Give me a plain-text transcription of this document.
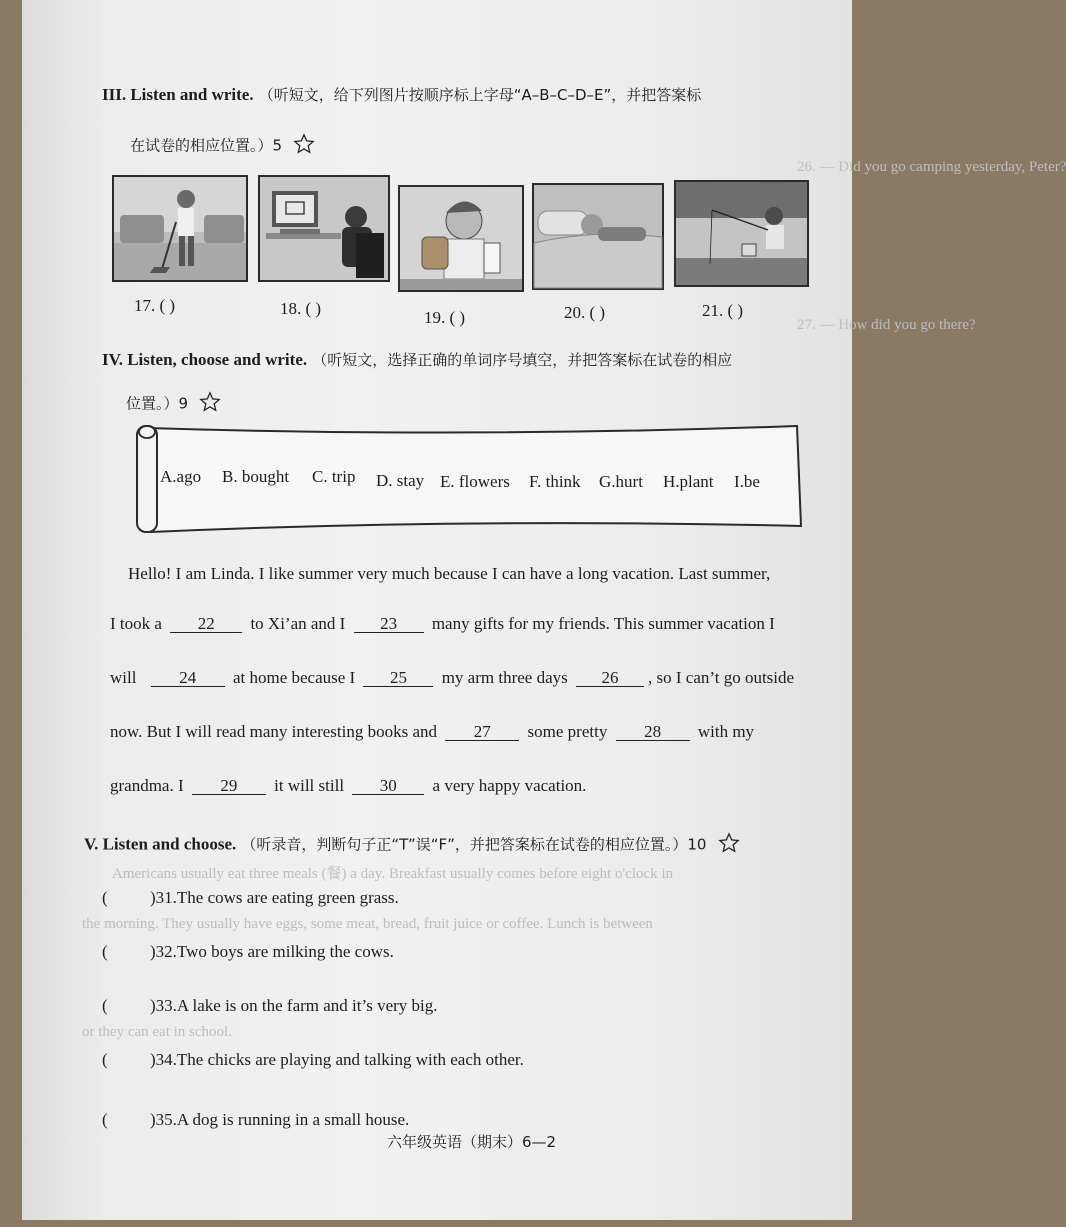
26. — Did you go camping yesterday, Peter?
27. — How did you go there?
III. Listen and write. （听短文，给下列图片按顺序标上字母“A–B–C–D–E”，并把答案标
在试卷的相应位置。）5
17. ( )	18. ( )	19. ( )	20. ( )	21. ( )
IV. Listen, choose and write. （听短文，选择正确的单词序号填空，并把答案标在试卷的相应
位置。）9
A.ago B. bought C. trip D. stay E. flowers F. think G.hurt H.plant I.be
Hello! I am Linda. I like summer very much because I can have a long vacation. Last summer,
I took a 22 to Xi’an and I 23 many gifts for my friends. This summer vacation I
will	24 at home because I 25 my arm three days 26 , so I can’t go outside
now. But I will read many interesting books and 27 some pretty 28 with my
grandma. I 29 it will still 30 a very happy vacation.
V. Listen and choose. （听录音，判断句子正“T”误“F”，并把答案标在试卷的相应位置。）10
Americans usually eat three meals (餐) a day. Breakfast usually comes before eight o'clock in
the morning. They usually have eggs, some meat, bread, fruit juice or coffee. Lunch is between
or they can eat in school.
( )31.The cows are eating green grass.
( )32.Two boys are milking the cows.
( )33.A lake is on the farm and it’s very big.
( )34.The chicks are playing and talking with each other.
( )35.A dog is running in a small house.
六年级英语（期末）6—2
